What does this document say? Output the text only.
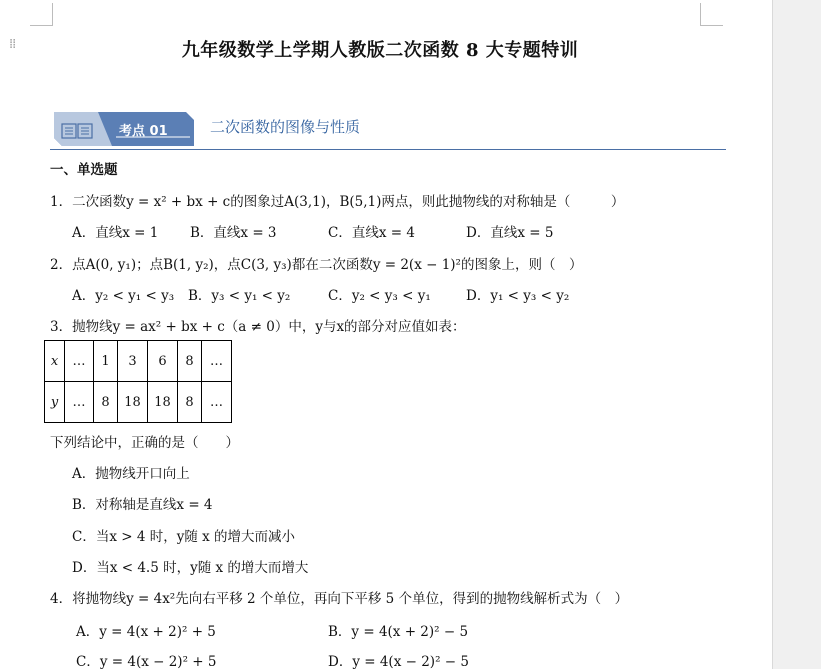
⁞⁞	九年级数学上学期人教版二次函数 8 大专题特训
考点 01	二次函数的图像与性质
一、单选题
1．二次函数y = x² + bx + c的图象过A(3,1)，B(5,1)两点，则此抛物线的对称轴是（　　　）
A．直线x = 1 B．直线x = 3	C．直线x = 4	D．直线x = 5
2．点A(0, y₁)；点B(1, y₂)，点C(3, y₃)都在二次函数y = 2(x − 1)²的图象上，则（　）
A．y₂ < y₁ < y₃ B．y₃ < y₁ < y₂	C．y₂ < y₃ < y₁	D．y₁ < y₃ < y₂
3．抛物线y = ax² + bx + c（a ≠ 0）中，y与x的部分对应值如表：
x	…	1	3	6	8	…
y	…	8	18	18	8	…
下列结论中，正确的是（　　）
A．抛物线开口向上
B．对称轴是直线x = 4
C．当x > 4 时，y随 x 的增大而减小
D．当x < 4.5 时，y随 x 的增大而增大
4．将抛物线y = 4x²先向右平移 2 个单位，再向下平移 5 个单位，得到的抛物线解析式为（　）
A．y = 4(x + 2)² + 5	B．y = 4(x + 2)² − 5
C．y = 4(x − 2)² + 5	D．y = 4(x − 2)² − 5
